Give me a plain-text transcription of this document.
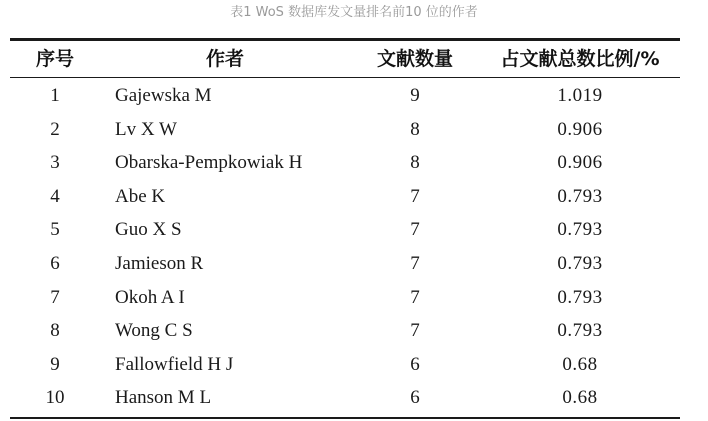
表1 WoS 数据库发文量排名前10 位的作者
序号	作者	文献数量	占文献总数比例/%
1	Gajewska M	9	1.019
2	Lv X W	8	0.906
3	Obarska-Pempkowiak H	8	0.906
4	Abe K	7	0.793
5	Guo X S	7	0.793
6	Jamieson R	7	0.793
7	Okoh A I	7	0.793
8	Wong C S	7	0.793
9	Fallowfield H J	6	0.68
10	Hanson M L	6	0.68
